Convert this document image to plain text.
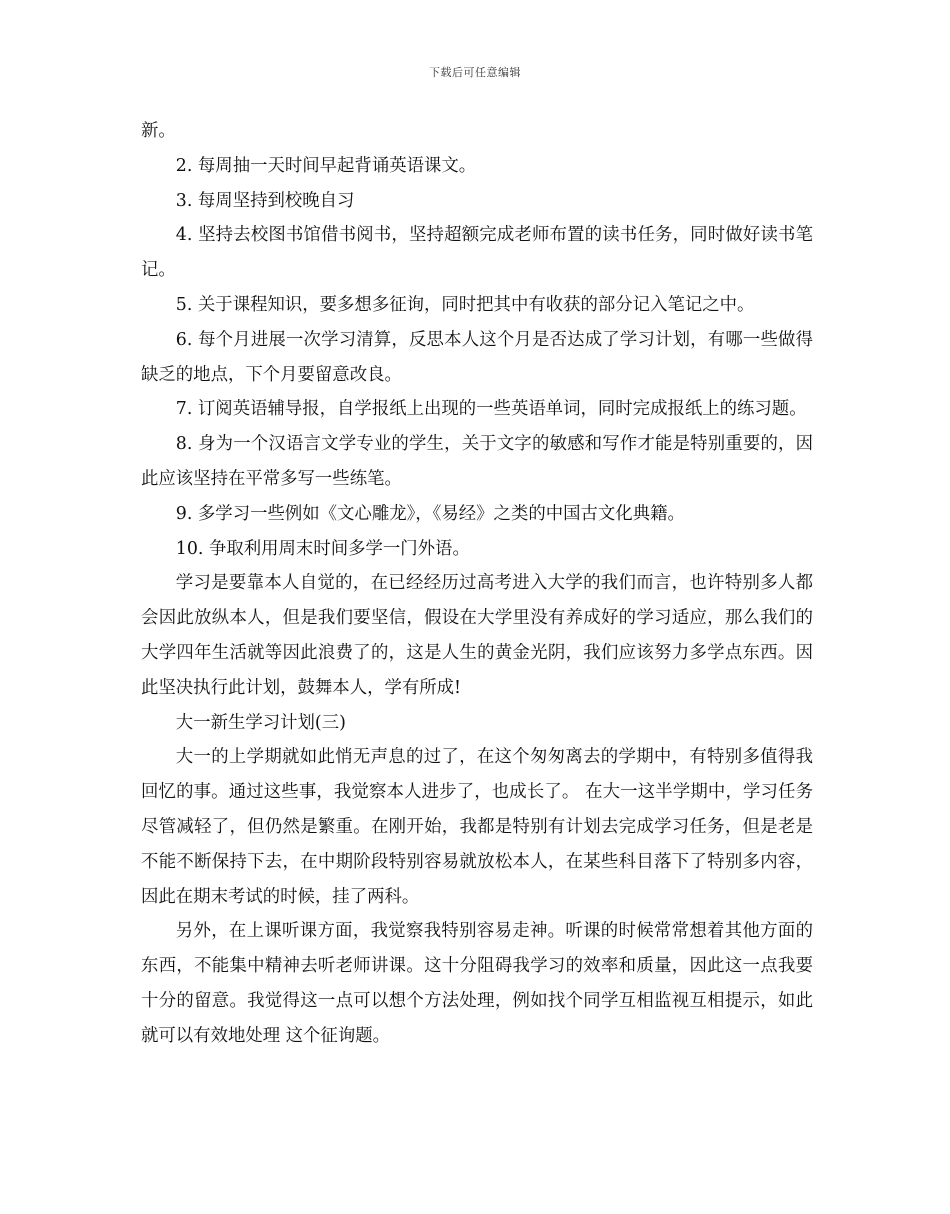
下载后可任意编辑

新。

2. 每周抽一天时间早起背诵英语课文。

3. 每周坚持到校晚自习

4. 坚持去校图书馆借书阅书，坚持超额完成老师布置的读书任务，同时做好读书笔记。

5. 关于课程知识，要多想多征询，同时把其中有收获的部分记入笔记之中。

6. 每个月进展一次学习清算，反思本人这个月是否达成了学习计划，有哪一些做得缺乏的地点，下个月要留意改良。

7. 订阅英语辅导报，自学报纸上出现的一些英语单词，同时完成报纸上的练习题。

8. 身为一个汉语言文学专业的学生，关于文字的敏感和写作才能是特别重要的，因此应该坚持在平常多写一些练笔。

9. 多学习一些例如《文心雕龙》，《易经》之类的中国古文化典籍。

10. 争取利用周末时间多学一门外语。

学习是要靠本人自觉的，在已经经历过高考进入大学的我们而言，也许特别多人都会因此放纵本人，但是我们要坚信，假设在大学里没有养成好的学习适应，那么我们的大学四年生活就等因此浪费了的，这是人生的黄金光阴，我们应该努力多学点东西。因此坚决执行此计划，鼓舞本人，学有所成!

大一新生学习计划(三)

大一的上学期就如此悄无声息的过了，在这个匆匆离去的学期中，有特别多值得我回忆的事。通过这些事，我觉察本人进步了，也成长了。 在大一这半学期中，学习任务尽管减轻了，但仍然是繁重。在刚开始，我都是特别有计划去完成学习任务，但是老是不能不断保持下去，在中期阶段特别容易就放松本人，在某些科目落下了特别多内容，因此在期末考试的时候，挂了两科。

另外，在上课听课方面，我觉察我特别容易走神。听课的时候常常想着其他方面的东西，不能集中精神去听老师讲课。这十分阻碍我学习的效率和质量，因此这一点我要十分的留意。我觉得这一点可以想个方法处理，例如找个同学互相监视互相提示，如此就可以有效地处理 这个征询题。
